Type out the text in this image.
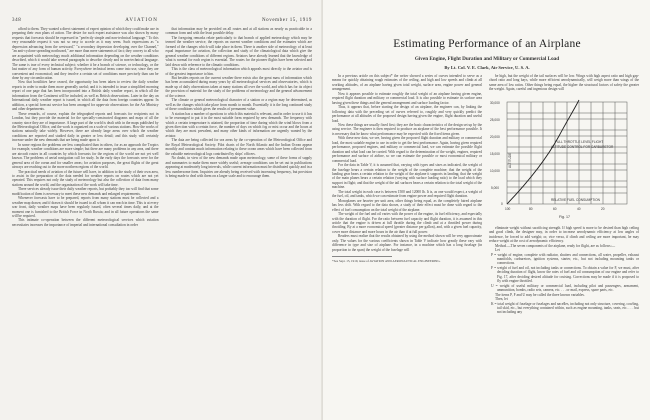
348	AVIATION	November 15, 1919

afford to them. They wanted a direct statement of expert opinion of which they could make use in preparing their own plans of action. The desire for such expert assistance was also shown by many requests that forecasts should be expressed in "perfectly simple and non-technical language." To this very reasonable request it was not so easy to accede as it may seem. Such expressions as "a depression advancing from the westward," "a secondary depression developing over the Channel," "an anti-cyclone spreading northward," are more than mere statements of fact; they convey to all who are acquainted with meteorology much additional information depending on the weather conditions described, which it would take several paragraphs to describe clearly and in non-technical language. The same is true of every technical subject; whether it be a branch of science, or technology, or the last matter of any form of human activity. Everywhere technical terms come into use, since they are convenient and economical; and they involve a certain set of conditions more precisely than can be done by any circumlocution.

Now that hostilities have ceased, the opportunity has been taken to review the daily weather reports in order to make them more generally useful; and it is intended to issue a simplified morning report of one page that has been incorporated into a British daily weather report, in which all the information from the Continent will be included, as well as British observations. Later in the day an International daily weather report is issued, in which all the data from foreign countries appear. In addition, a special forecast service has been arranged for upper-air observations for the Air Ministry and other departments.

These remarks, of course, explain the telegraphed reports and forecasts for recipients not in London, but they provide the material for the specially-constructed diagrams and maps of all the country since they are of importance. A large part of the world is dealt with in the maps published by the Meteorological Office, and the work is organized on a scale of various stations. How the works of stations naturally take widely. However, there are already large areas over which the weather conditions are reported and studied daily in greater or less detail; and this study will certainly increase under the new demands that are being made upon it.

In some regions the problems are less complicated than in others, for as an approach the Tropics for example, weather conditions are more simple; but there are many problems in any area, and there are aircraft routes in all countries by which forecasts for the regions of the world are not yet well known. The problems of aerial navigation call for study. In the early days the forecasts were for the general area of the ocean and for smaller areas; for aviation purposes, the great flights of the great airways are reaching out to the more northern regions of the world.

The practical needs of aviation of the future will have, in addition to the study of their own area, to assist in the preparation of the data needed for weather reports on routes which are not yet operated. This requires not only the study of meteorology but also the collection of data from many stations around the world, and the organization of the work will take time.

There services already issue their daily weather reports, but probably they too will find that some modification of them is necessary to meet these new demands and enlarged requirements.

Whenever forecasts have to be prepared, reports from many stations must be collected and a weather map drawn; and if drawn it should be issued to all whom it can reach in time. This is at every war front, daily weather maps have been regularly issued, often several times daily, and at the moment one is furnished to the British Force in North Russia; and in all future operations the same will be required.

This intimate co-operation between the different meteorological services which aviation necessitates increases the importance of imperial and international consultation in order

that information may be provided on all routes and at all stations as nearly as practicable in a common form and with the least possible delay.

The foregoing remarks relate particularly to that branch of applied meteorology which may be termed the weather service, the reports on current weather conditions and the estimates which are formed of the changes which will take place in them. There is another side of meteorology of at least equal importance for aviation, the collection and study of the climatological data which give the general weather conditions of different regions. Aviators have already learned that the knowledge of what is normal for each region is essential. The routes for the pioneer flights have been selected and laid down with reference to the climatic conditions.

This is the class of meteorological information which appeals most directly to the aviator and is of the greatest importance to him.

But besides reports on the current weather there exists also the great mass of information which has been accumulated during many years by all meteorological services and observatories, which is made up of daily observations taken at many stations all over the world, and which has for its object the provision of material for the study of the problems of meteorology and the general advancement of the science.

The climate or general meteorological character of a station or a region may be determined, as well as the changes which take place from month to month. Essentially it is the long continued study of these conditions which gives the results of permanent value.

A station has a number of questions to which this material is relevant, and in order to use it it has to be rearranged to put it in the most suitable form required by new demands. The frequency with which a certain temperature is attained, the proportion of time during which the wind blows from a given direction with a certain force, the number of days on which fog or mist occur and the hours at which they are most prevalent, and many other kinds of information are urgently wanted by the aviator.

The data are being collected for sea areas by the co-operation of the Meteorological Office and the Royal Meteorological Society. Pilot charts of the North Atlantic and the Indian Ocean appear monthly and contain much information relating to these ocean areas which have been collected from the valuable meteorological logs contributed by ships' officers.

No doubt, in view of the new demands made upon meteorology, some of these forms of supply and summaries to make them more widely useful; average conditions can be set out in publications appearing at moderately long intervals, while current information must be distributed quickly and in a less cumbersome form. Inquiries are already being received with increasing frequency, but provision is being made to deal with them on a larger scale and to encourage them.

Estimating Performance of an Airplane
Given Engine, Flight Duration and Military or Commercial Load
By Lt. Col. V. E. Clark, Air Service, U. S. A.

In a previous article on this subject* the writer showed a series of curves intended to serve as a means for quickly obtaining rough estimates of the ceiling, and high and low speeds and climb at all working altitudes, of an airplane having given total weight, surface area, engine power and general arrangement.

Now it appears possible to estimate roughly the total weight of an airplane having given engine, required flight duration and military or commercial load. It is also possible to estimate its surface area having given these things and the general arrangement and surface loading factor.

Thus, it appears that, before starting the design of an airplane, the engineer can, by linking the following data with the preceding set of curves referred to, roughly and very quickly predict the performance at all altitudes of the proposed design having given the engine, flight duration and useful load.

Now these things are usually fixed first; they are the basic characteristics of the design set up by the using service. The engineer is then required to produce an airplane of the best performance possible. It is necessary that he know what performance may be expected with the fixed items given.

With these new data, we see, having given the proposed flight duration and military or commercial load, the most suitable engine to use in order to get the best performance. Again, having given required performance, proposed engines, and military or commercial load, we can estimate the possible flight duration and what load can be carried. With regard to the determination of the weight, engines, required performance and surface of airline, so we can estimate the possible or most economical military or commercial load.

For the data in Table V, it is assumed that, varying with types and sizes as indicated, the weight of the fuselage bears a certain relation to the weight of the complete machine; that the weight of the landing gear bears a certain relation to the weight of the airplane it supports in landing; that the weight of the main planes bears a certain relation (varying with surface loading ratio) to the load which they support in flight; and that the weight of the tail surfaces bears a certain relation to the total weight of the machine.

The total weight in each case is between 1500 and 12000 lb. It is, as one would expect, a weight of the fuel, oil, and tanks, which we can estimate from engine power and required flight duration.

Monoplanes are heavier per unit area, other things being equal, as the completely faired airplane has less drift. With regard to the data shown, a study of their effect must be done with regard to the effect of fuel consumption on the total weight of the airplane.

The weight of the fuel and oil varies with the power of the engine, its fuel efficiency, and especially with the duration of flight. For the ratio between fuel capacity and flight duration, it is assumed in this article that the engine is driven at full throttle during the climb and at a throttled power during throttling. By at a more economical speed (greater distance per gallon), and, with a given fuel capacity, cover more distance and more hours in the air than if at full power.

Readers must realize that the results obtained by using the method shown will be very approximate only. The values for the various coefficients shown in Table V indicate how greatly these vary with difference in type and size of airplane. For instance, in a machine which has a long fuselage (in proportion to the span) the weight of the fuselage will

*See Sept. 15, 1919, issue of AVIATION AND AERONAUTICAL ENGINEERING.

be high, but the weight of the tail surfaces will be low. Wings with high aspect ratio and high gap-chord ratio and long bays, while more efficient aerodynamically, will weigh more than wings of the same area of low ratios. Other things being equal, the higher the structural factors of safety the greater the weight. Again, careful and ingenious design will

30,000
25,000
20,000
15,000
10,000
5,000
0
100	80	60	40	20
ALTITUDE
FULL THROTTLE LEVEL FLIGHT
ALTITUDE CONTROL FOR CARBURETOR
RELATIVE FUEL CONSUMPTION
Fig. 17

eliminate weight without sacrificing strength. If high speed is more to be desired than high ceiling and good climb, the designer may, in order to increase aerodynamic efficiency at low angles of incidence, be forced to add weight; or, vice versa, if climb and ceiling are more important, he may reduce weight at the cost of aerodynamic efficiency.

Method.—The seven components of the airplane, ready for flight, are as follows:—

Let

P = weight of engine, complete with radiator, shutters and connections, all water, propeller, exhaust manifolds, carburetors, ignition systems, starter, etc., but not including mounting tanks or connections.

F = weight of fuel and oil, not including tanks or connections. To obtain a value for F, we must, after deciding duration of flight, know the rates of fuel and oil consumption of our engine and refer to Fig. 17, after deciding desired altitude for cruising. Corrections may be made if it is proposed to fly with engine throttled.

U = weight of useful military or commercial load, including pilot and passengers, armament, ammunition, bombs, radio sets, camera, etc. . . . or mail, express, spare parts, etc.

The items P, F and U may be called the three known variables.

Then, let

K = total weight of fuselage or fuselages and nacelles, including not only structure, covering, cowling, tail skid, etc., but everything contained within, such as engine mounting, tanks, seats, etc. . . . but not including any
